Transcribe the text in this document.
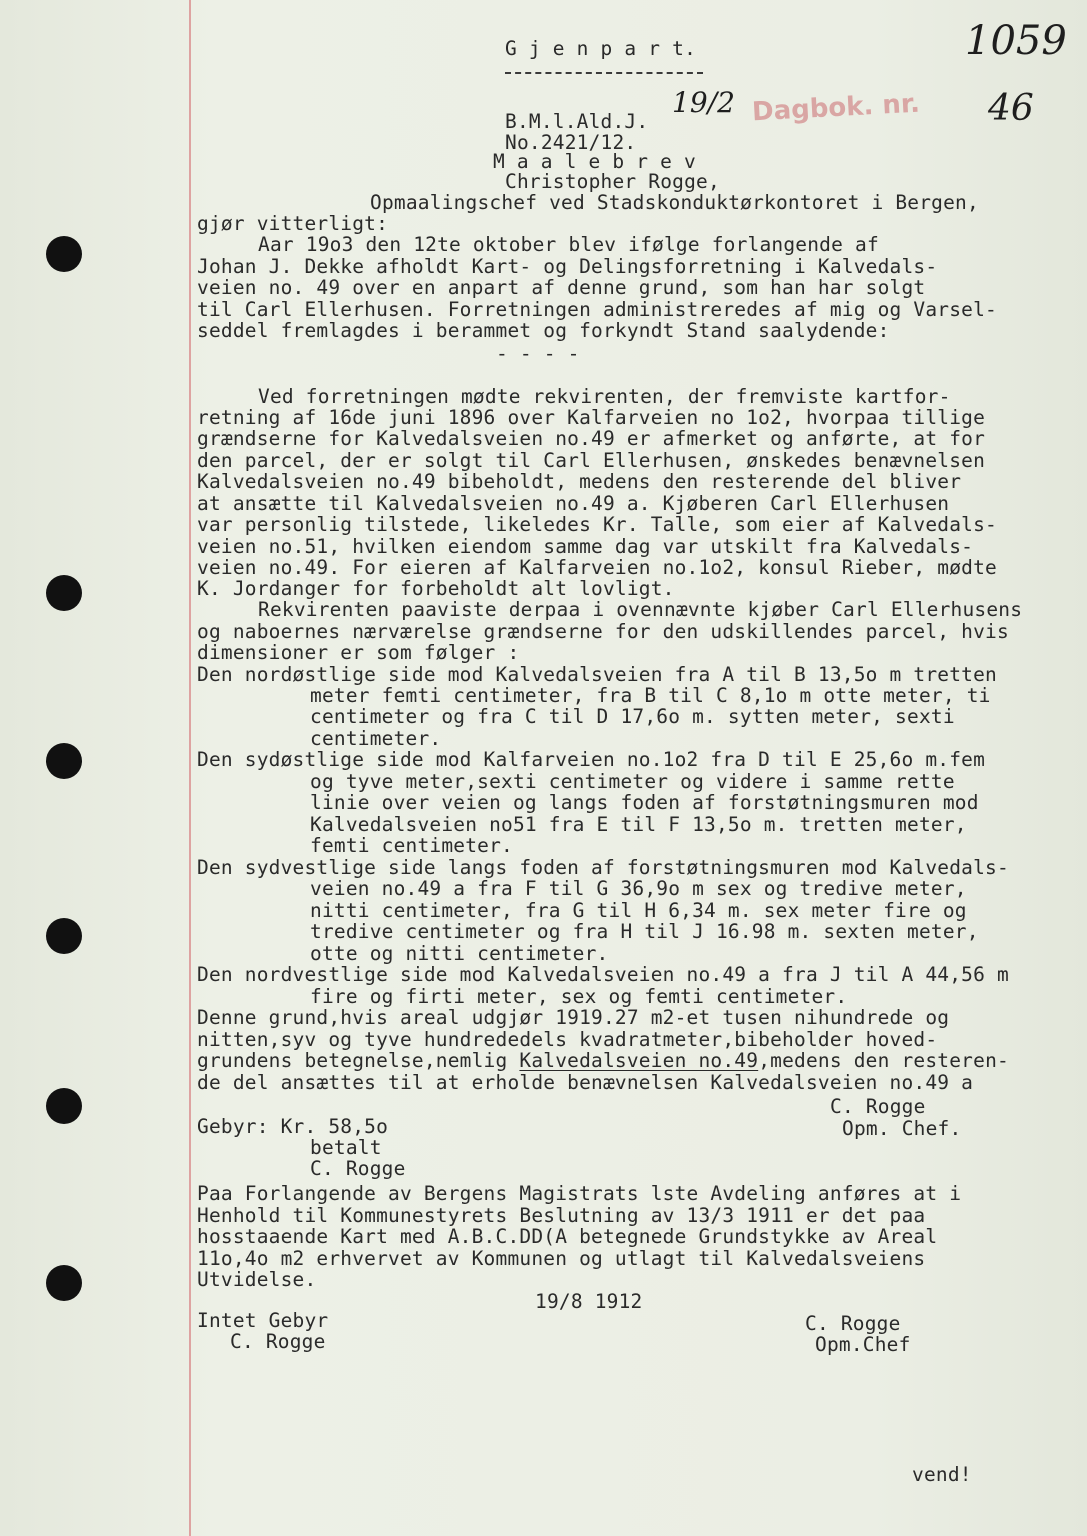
G j e n p a r t.	1059
B.M.l.Ald.J.
No.2421/12.
19/2 Dagbok. nr. 46
M a a l e b r e v
Christopher Rogge,
Opmaalingschef ved Stadskonduktørkontoret i Bergen,
gjør vitterligt:
Aar 19o3 den 12te oktober blev ifølge forlangende af
Johan J. Dekke afholdt Kart- og Delingsforretning i Kalvedals-
veien no. 49 over en anpart af denne grund, som han har solgt
til Carl Ellerhusen. Forretningen administreredes af mig og Varsel-
seddel fremlagdes i berammet og forkyndt Stand saalydende:
- - - -
Ved forretningen mødte rekvirenten, der fremviste kartfor-
retning af 16de juni 1896 over Kalfarveien no 1o2, hvorpaa tillige
grændserne for Kalvedalsveien no.49 er afmerket og anførte, at for
den parcel, der er solgt til Carl Ellerhusen, ønskedes benævnelsen
Kalvedalsveien no.49 bibeholdt, medens den resterende del bliver
at ansætte til Kalvedalsveien no.49 a. Kjøberen Carl Ellerhusen
var personlig tilstede, likeledes Kr. Talle, som eier af Kalvedals-
veien no.51, hvilken eiendom samme dag var utskilt fra Kalvedals-
veien no.49. For eieren af Kalfarveien no.1o2, konsul Rieber, mødte
K. Jordanger for forbeholdt alt lovligt.
Rekvirenten paaviste derpaa i ovennævnte kjøber Carl Ellerhusens
og naboernes nærværelse grændserne for den udskillendes parcel, hvis
dimensioner er som følger :
Den nordøstlige side mod Kalvedalsveien fra A til B 13,5o m tretten
meter femti centimeter, fra B til C 8,1o m otte meter, ti
centimeter og fra C til D 17,6o m. sytten meter, sexti
centimeter.
Den sydøstlige side mod Kalfarveien no.1o2 fra D til E 25,6o m.fem
og tyve meter,sexti centimeter og videre i samme rette
linie over veien og langs foden af forstøtningsmuren mod
Kalvedalsveien no51 fra E til F 13,5o m. tretten meter,
femti centimeter.
Den sydvestlige side langs foden af forstøtningsmuren mod Kalvedals-
veien no.49 a fra F til G 36,9o m sex og tredive meter,
nitti centimeter, fra G til H 6,34 m. sex meter fire og
tredive centimeter og fra H til J 16.98 m. sexten meter,
otte og nitti centimeter.
Den nordvestlige side mod Kalvedalsveien no.49 a fra J til A 44,56 m
fire og firti meter, sex og femti centimeter.
Denne grund,hvis areal udgjør 1919.27 m2-et tusen nihundrede og
nitten,syv og tyve hundrededels kvadratmeter,bibeholder hoved-
grundens betegnelse,nemlig Kalvedalsveien no.49,medens den resteren-
de del ansættes til at erholde benævnelsen Kalvedalsveien no.49 a
C. Rogge
Opm. Chef.
Gebyr: Kr. 58,5o
betalt
C. Rogge
Paa Forlangende av Bergens Magistrats lste Avdeling anføres at i
Henhold til Kommunestyrets Beslutning av 13/3 1911 er det paa
hosstaaende Kart med A.B.C.DD(A betegnede Grundstykke av Areal
11o,4o m2 erhvervet av Kommunen og utlagt til Kalvedalsveiens
Utvidelse.
19/8 1912
Intet Gebyr
C. Rogge
C. Rogge
Opm.Chef
vend!
